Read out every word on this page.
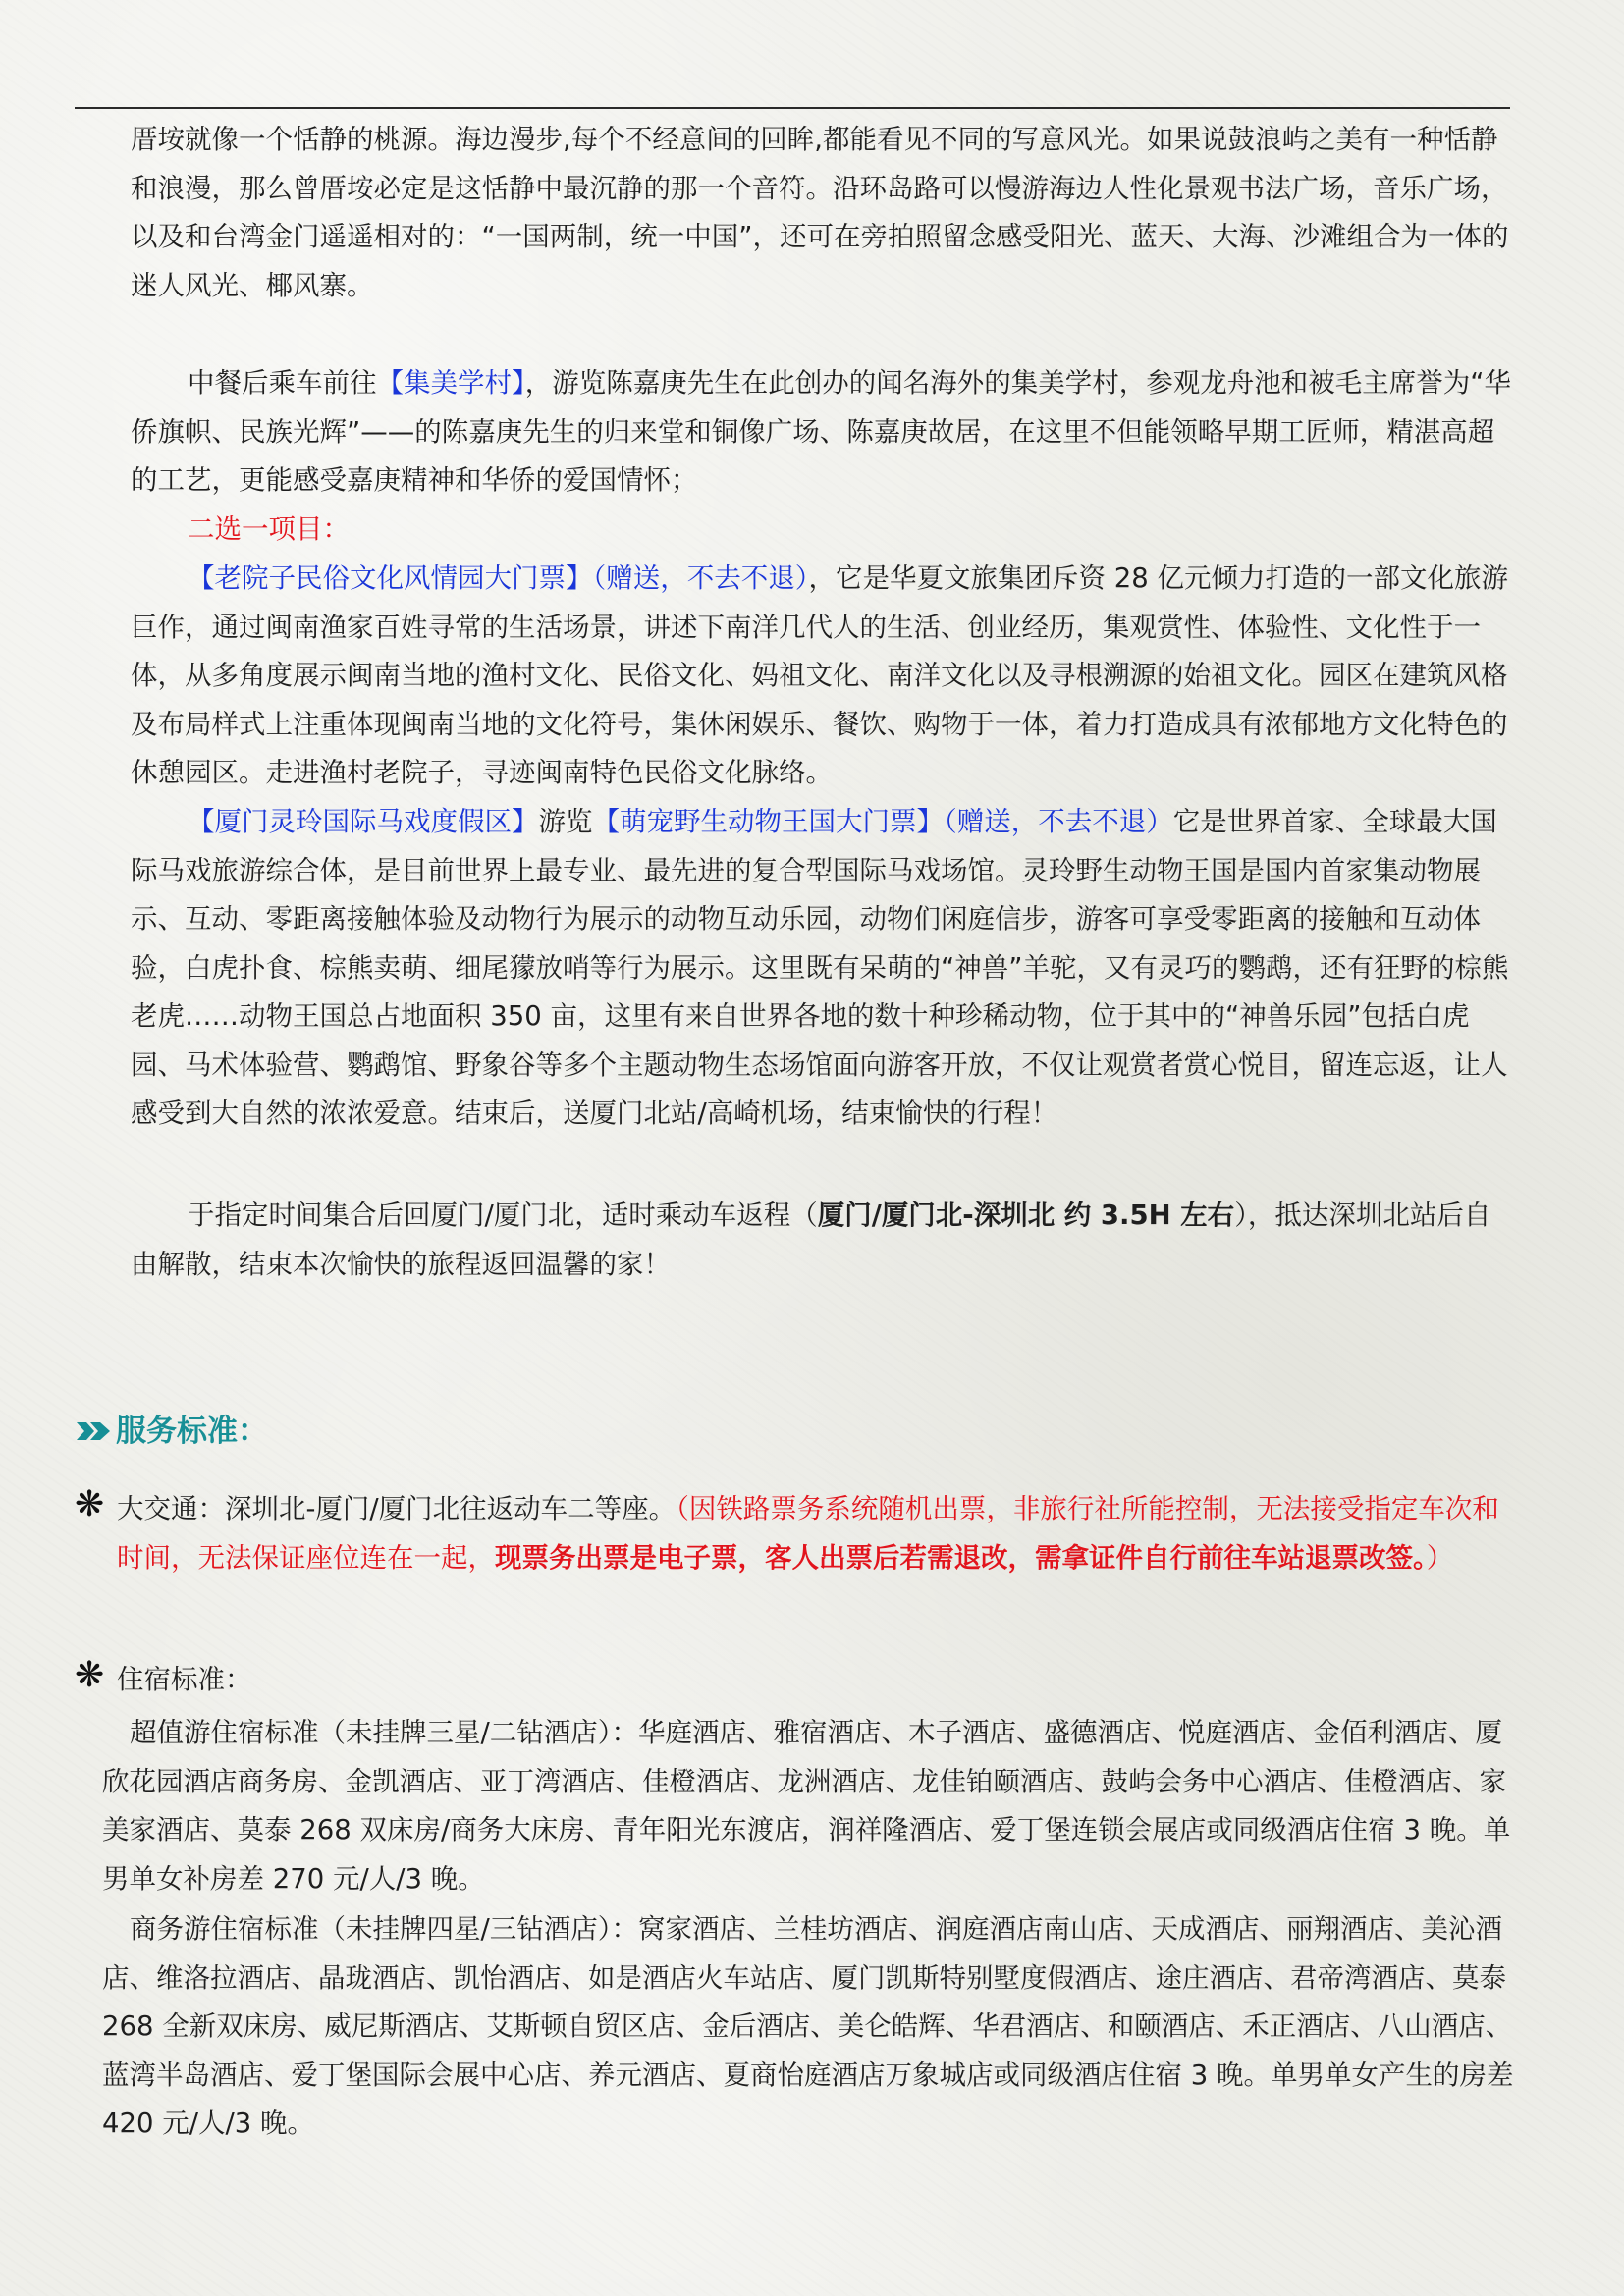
厝垵就像一个恬静的桃源。海边漫步,每个不经意间的回眸,都能看见不同的写意风光。如果说鼓浪屿之美有一种恬静和浪漫，那么曾厝垵必定是这恬静中最沉静的那一个音符。沿环岛路可以慢游海边人性化景观书法广场，音乐广场，以及和台湾金门遥遥相对的：“一国两制，统一中国”，还可在旁拍照留念感受阳光、蓝天、大海、沙滩组合为一体的迷人风光、椰风寨。

中餐后乘车前往【集美学村】，游览陈嘉庚先生在此创办的闻名海外的集美学村，参观龙舟池和被毛主席誉为“华侨旗帜、民族光辉”——的陈嘉庚先生的归来堂和铜像广场、陈嘉庚故居，在这里不但能领略早期工匠师，精湛高超的工艺，更能感受嘉庚精神和华侨的爱国情怀；

二选一项目：

【老院子民俗文化风情园大门票】（赠送，不去不退），它是华夏文旅集团斥资 28 亿元倾力打造的一部文化旅游巨作，通过闽南渔家百姓寻常的生活场景，讲述下南洋几代人的生活、创业经历，集观赏性、体验性、文化性于一体，从多角度展示闽南当地的渔村文化、民俗文化、妈祖文化、南洋文化以及寻根溯源的始祖文化。园区在建筑风格及布局样式上注重体现闽南当地的文化符号，集休闲娱乐、餐饮、购物于一体，着力打造成具有浓郁地方文化特色的休憩园区。走进渔村老院子，寻迹闽南特色民俗文化脉络。

【厦门灵玲国际马戏度假区】游览【萌宠野生动物王国大门票】（赠送，不去不退）它是世界首家、全球最大国际马戏旅游综合体，是目前世界上最专业、最先进的复合型国际马戏场馆。灵玲野生动物王国是国内首家集动物展示、互动、零距离接触体验及动物行为展示的动物互动乐园，动物们闲庭信步，游客可享受零距离的接触和互动体验，白虎扑食、棕熊卖萌、细尾獴放哨等行为展示。这里既有呆萌的“神兽”羊驼，又有灵巧的鹦鹉，还有狂野的棕熊老虎……动物王国总占地面积 350 亩，这里有来自世界各地的数十种珍稀动物，位于其中的“神兽乐园”包括白虎园、马术体验营、鹦鹉馆、野象谷等多个主题动物生态场馆面向游客开放，不仅让观赏者赏心悦目，留连忘返，让人感受到大自然的浓浓爱意。结束后，送厦门北站/高崎机场，结束愉快的行程！

于指定时间集合后回厦门/厦门北，适时乘动车返程（厦门/厦门北-深圳北 约 3.5H 左右），抵达深圳北站后自由解散，结束本次愉快的旅程返回温馨的家！

服务标准：
❋ 大交通：深圳北-厦门/厦门北往返动车二等座。（因铁路票务系统随机出票，非旅行社所能控制，无法接受指定车次和时间，无法保证座位连在一起，现票务出票是电子票，客人出票后若需退改，需拿证件自行前往车站退票改签。）
❋ 住宿标准：

超值游住宿标准（未挂牌三星/二钻酒店）：华庭酒店、雅宿酒店、木子酒店、盛德酒店、悦庭酒店、金佰利酒店、厦欣花园酒店商务房、金凯酒店、亚丁湾酒店、佳橙酒店、龙洲酒店、龙佳铂颐酒店、鼓屿会务中心酒店、佳橙酒店、家美家酒店、莫泰 268 双床房/商务大床房、青年阳光东渡店，润祥隆酒店、爱丁堡连锁会展店或同级酒店住宿 3 晚。单男单女补房差 270 元/人/3 晚。

商务游住宿标准（未挂牌四星/三钻酒店）：窝家酒店、兰桂坊酒店、润庭酒店南山店、天成酒店、丽翔酒店、美沁酒店、维洛拉酒店、晶珑酒店、凯怡酒店、如是酒店火车站店、厦门凯斯特别墅度假酒店、途庄酒店、君帝湾酒店、莫泰 268 全新双床房、威尼斯酒店、艾斯顿自贸区店、金后酒店、美仑皓辉、华君酒店、和颐酒店、禾正酒店、八山酒店、蓝湾半岛酒店、爱丁堡国际会展中心店、养元酒店、夏商怡庭酒店万象城店或同级酒店住宿 3 晚。单男单女产生的房差 420 元/人/3 晚。
